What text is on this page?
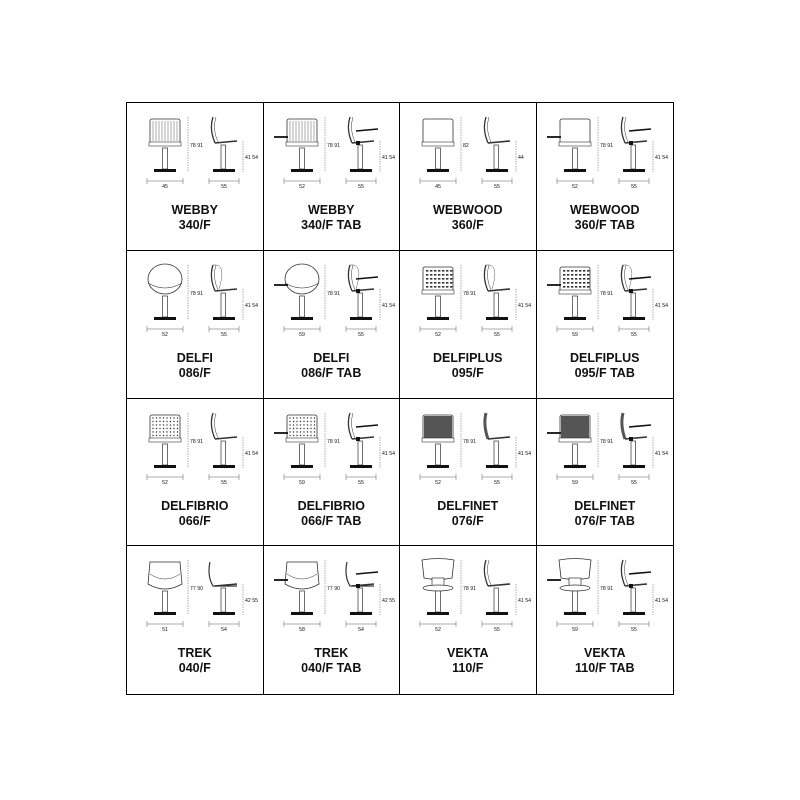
78 91
45
41 54
55
WEBBY
340/F
78 91
52
41 54
55
WEBBY
340/F TAB
82
45
44
55
WEBWOOD
360/F
78 91
52
41 54
55
WEBWOOD
360/F TAB
78 91
52
41 54
55
DELFI
086/F
78 91
59
41 54
55
DELFI
086/F TAB
78 91
52
41 54
55
DELFIPLUS
095/F
78 91
59
41 54
55
DELFIPLUS
095/F TAB
78 91
52
41 54
55
DELFIBRIO
066/F
78 91
59
41 54
55
DELFIBRIO
066/F TAB
78 91
52
41 54
55
DELFINET
076/F
78 91
59
41 54
55
DELFINET
076/F TAB
77 90
51
42 55
54
TREK
040/F
77 90
58
42 55
54
TREK
040/F TAB
78 91
52
41 54
55
VEKTA
110/F
78 91
59
41 54
55
VEKTA
110/F TAB
